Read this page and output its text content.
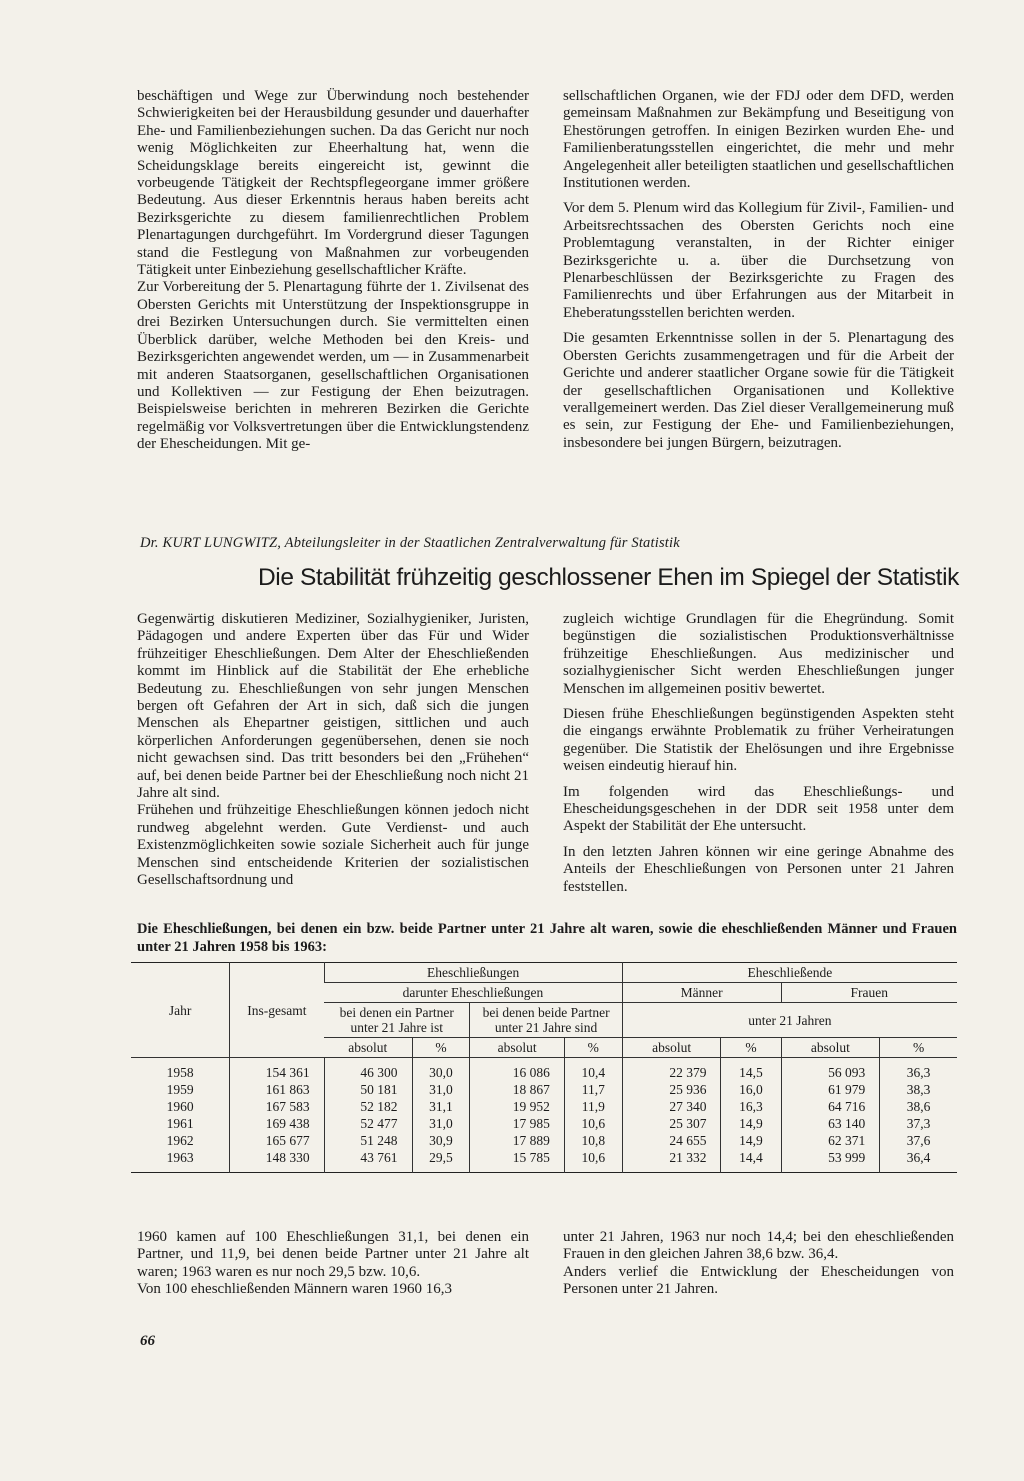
beschäftigen und Wege zur Überwindung noch bestehender Schwierigkeiten bei der Herausbildung gesunder und dauerhafter Ehe- und Familienbeziehungen suchen. Da das Gericht nur noch wenig Möglichkeiten zur Eheerhaltung hat, wenn die Scheidungsklage bereits eingereicht ist, gewinnt die vorbeugende Tätigkeit der Rechtspflegeorgane immer größere Bedeutung. Aus dieser Erkenntnis heraus haben bereits acht Bezirksgerichte zu diesem familienrechtlichen Problem Plenartagungen durchgeführt. Im Vordergrund dieser Tagungen stand die Festlegung von Maßnahmen zur vorbeugenden Tätigkeit unter Einbeziehung gesellschaftlicher Kräfte.

Zur Vorbereitung der 5. Plenartagung führte der 1. Zivilsenat des Obersten Gerichts mit Unterstützung der Inspektionsgruppe in drei Bezirken Untersuchungen durch. Sie vermittelten einen Überblick darüber, welche Methoden bei den Kreis- und Bezirksgerichten angewendet werden, um — in Zusammenarbeit mit anderen Staatsorganen, gesellschaftlichen Organisationen und Kollektiven — zur Festigung der Ehen beizutragen. Beispielsweise berichten in mehreren Bezirken die Gerichte regelmäßig vor Volksvertretungen über die Entwicklungstendenz der Ehescheidungen. Mit ge-

sellschaftlichen Organen, wie der FDJ oder dem DFD, werden gemeinsam Maßnahmen zur Bekämpfung und Beseitigung von Ehestörungen getroffen. In einigen Bezirken wurden Ehe- und Familienberatungsstellen eingerichtet, die mehr und mehr Angelegenheit aller beteiligten staatlichen und gesellschaftlichen Institutionen werden.

Vor dem 5. Plenum wird das Kollegium für Zivil-, Familien- und Arbeitsrechtssachen des Obersten Gerichts noch eine Problemtagung veranstalten, in der Richter einiger Bezirksgerichte u. a. über die Durchsetzung von Plenarbeschlüssen der Bezirksgerichte zu Fragen des Familienrechts und über Erfahrungen aus der Mitarbeit in Eheberatungsstellen berichten werden.

Die gesamten Erkenntnisse sollen in der 5. Plenartagung des Obersten Gerichts zusammengetragen und für die Arbeit der Gerichte und anderer staatlicher Organe sowie für die Tätigkeit der gesellschaftlichen Organisationen und Kollektive verallgemeinert werden. Das Ziel dieser Verallgemeinerung muß es sein, zur Festigung der Ehe- und Familienbeziehungen, insbesondere bei jungen Bürgern, beizutragen.

Dr. KURT LUNGWITZ, Abteilungsleiter in der Staatlichen Zentralverwaltung für Statistik
Die Stabilität frühzeitig geschlossener Ehen im Spiegel der Statistik

Gegenwärtig diskutieren Mediziner, Sozialhygieniker, Juristen, Pädagogen und andere Experten über das Für und Wider frühzeitiger Eheschließungen. Dem Alter der Eheschließenden kommt im Hinblick auf die Stabilität der Ehe erhebliche Bedeutung zu. Eheschließungen von sehr jungen Menschen bergen oft Gefahren der Art in sich, daß sich die jungen Menschen als Ehepartner geistigen, sittlichen und auch körperlichen Anforderungen gegenübersehen, denen sie noch nicht gewachsen sind. Das tritt besonders bei den „Frühehen“ auf, bei denen beide Partner bei der Eheschließung noch nicht 21 Jahre alt sind.

Frühehen und frühzeitige Eheschließungen können jedoch nicht rundweg abgelehnt werden. Gute Verdienst- und auch Existenzmöglichkeiten sowie soziale Sicherheit auch für junge Menschen sind entscheidende Kriterien der sozialistischen Gesellschaftsordnung und

zugleich wichtige Grundlagen für die Ehegründung. Somit begünstigen die sozialistischen Produktionsverhältnisse frühzeitige Eheschließungen. Aus medizinischer und sozialhygienischer Sicht werden Eheschließungen junger Menschen im allgemeinen positiv bewertet.

Diesen frühe Eheschließungen begünstigenden Aspekten steht die eingangs erwähnte Problematik zu früher Verheiratungen gegenüber. Die Statistik der Ehelösungen und ihre Ergebnisse weisen eindeutig hierauf hin.

Im folgenden wird das Eheschließungs- und Ehescheidungsgeschehen in der DDR seit 1958 unter dem Aspekt der Stabilität der Ehe untersucht.

In den letzten Jahren können wir eine geringe Abnahme des Anteils der Eheschließungen von Personen unter 21 Jahren feststellen.

Die Eheschließungen, bei denen ein bzw. beide Partner unter 21 Jahre alt waren, sowie die eheschließenden Männer und Frauen unter 21 Jahren 1958 bis 1963:
Jahr	Ins-gesamt	Eheschließungen				Eheschließende			
		darunter Eheschließungen				Männer		Frauen	
		bei denen ein Partner unter 21 Jahre ist		bei denen beide Partner unter 21 Jahre sind		unter 21 Jahren			
		absolut	%	absolut	%	absolut	%	absolut	%
1958	154 361	46 300	30,0	16 086	10,4	22 379	14,5	56 093	36,3
1959	161 863	50 181	31,0	18 867	11,7	25 936	16,0	61 979	38,3
1960	167 583	52 182	31,1	19 952	11,9	27 340	16,3	64 716	38,6
1961	169 438	52 477	31,0	17 985	10,6	25 307	14,9	63 140	37,3
1962	165 677	51 248	30,9	17 889	10,8	24 655	14,9	62 371	37,6
1963	148 330	43 761	29,5	15 785	10,6	21 332	14,4	53 999	36,4

1960 kamen auf 100 Eheschließungen 31,1, bei denen ein Partner, und 11,9, bei denen beide Partner unter 21 Jahre alt waren; 1963 waren es nur noch 29,5 bzw. 10,6.

Von 100 eheschließenden Männern waren 1960 16,3

unter 21 Jahren, 1963 nur noch 14,4; bei den eheschließenden Frauen in den gleichen Jahren 38,6 bzw. 36,4.

Anders verlief die Entwicklung der Ehescheidungen von Personen unter 21 Jahren.

66
